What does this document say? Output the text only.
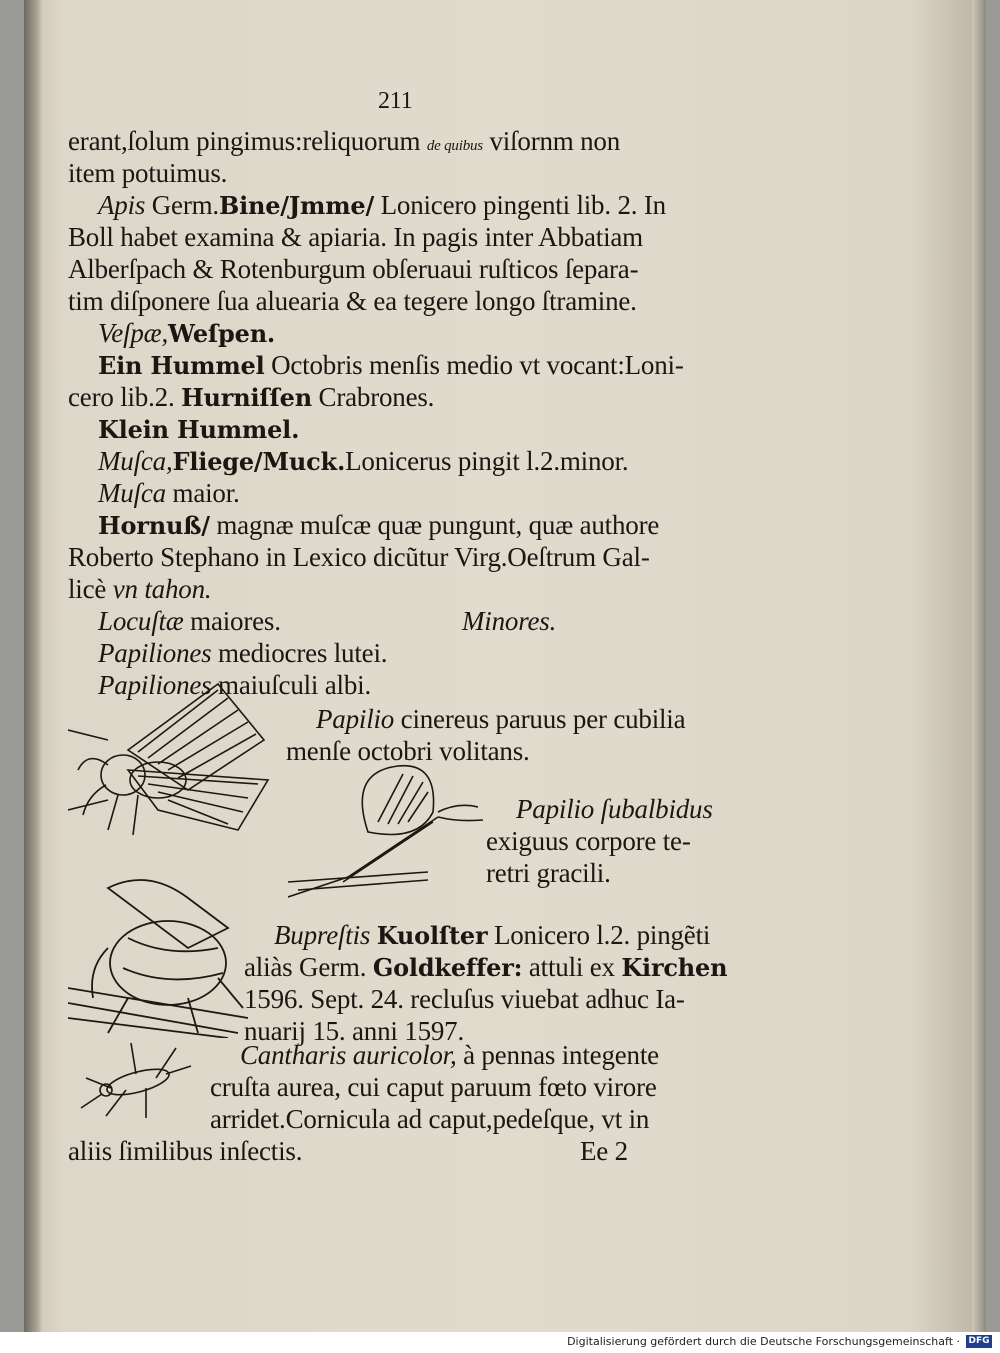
211
erant,ſolum pingimus:reliquorum de quibus viſornm non
item potuimus.
Apis Germ.Bine/Jmme/ Lonicero pingenti lib. 2. In
Boll habet examina & apiaria. In pagis inter Abbatiam
Alberſpach & Rotenburgum obſeruaui ruſticos ſepara-
tim diſponere ſua aluearia & ea tegere longo ſtramine.
Veſpæ,Weſpen.
Ein Hummel Octobris menſis medio vt vocant:Loni-
cero lib.2. Hurniſſen Crabrones.
Klein Hummel.
Muſca,Fliege/Muck.Lonicerus pingit l.2.minor.
Muſca maior.
Hornuß/ magnæ muſcæ quæ pungunt, quæ authore
Roberto Stephano in Lexico dicũtur Virg.Oeſtrum Gal-
licè vn tahon.
Locuſtæ maiores.	Minores.
Papiliones mediocres lutei.
Papiliones maiuſculi albi.
Papilio cinereus paruus per cubilia
menſe octobri volitans.
Papilio ſubalbidus
exiguus corpore te-
retri gracili.
Bupreſtis Kuolſter Lonicero l.2. pingẽti
aliàs Germ. Goldkeffer: attuli ex Kirchen
1596. Sept. 24. recluſus viuebat adhuc Ia-
nuarij 15. anni 1597.
Cantharis auricolor, à pennas integente
cruſta aurea, cui caput paruum fœto virore
arridet.Cornicula ad caput,pedeſque, vt in
aliis ſimilibus inſectis.	Ee 2
Digitalisierung gefördert durch die Deutsche Forschungsgemeinschaft · DFG
